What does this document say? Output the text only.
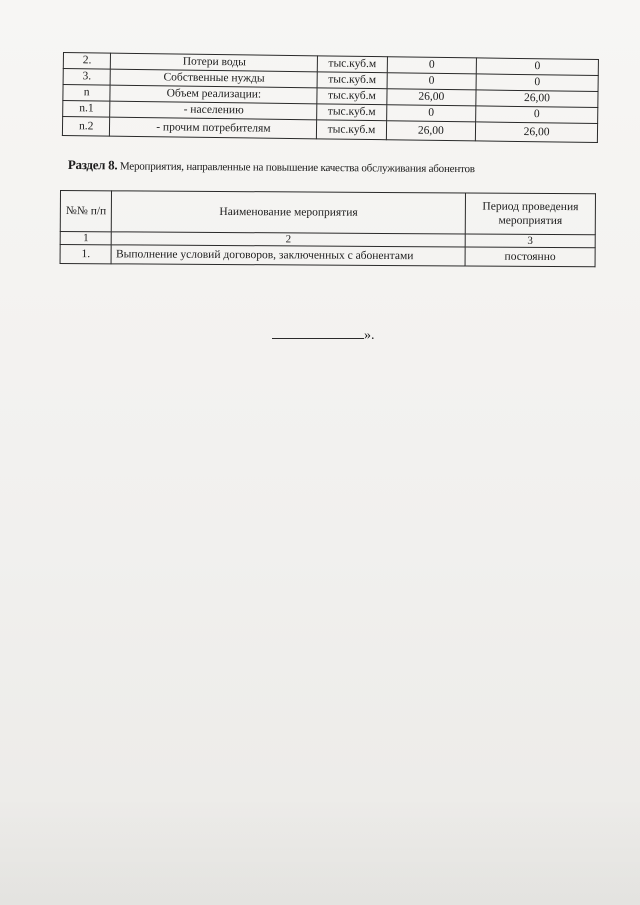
2.	Потери воды	тыс.куб.м	0	0
3.	Собственные нужды	тыс.куб.м	0	0
n	Объем реализации:	тыс.куб.м	26,00	26,00
n.1	- населению	тыс.куб.м	0	0
n.2	- прочим потребителям	тыс.куб.м	26,00	26,00
Раздел 8. Мероприятия, направленные на повышение качества обслуживания абонентов
№№ п/п	Наименование мероприятия	Период проведения мероприятия
1	2	3
1.	Выполнение условий договоров, заключенных с абонентами	постоянно
».
